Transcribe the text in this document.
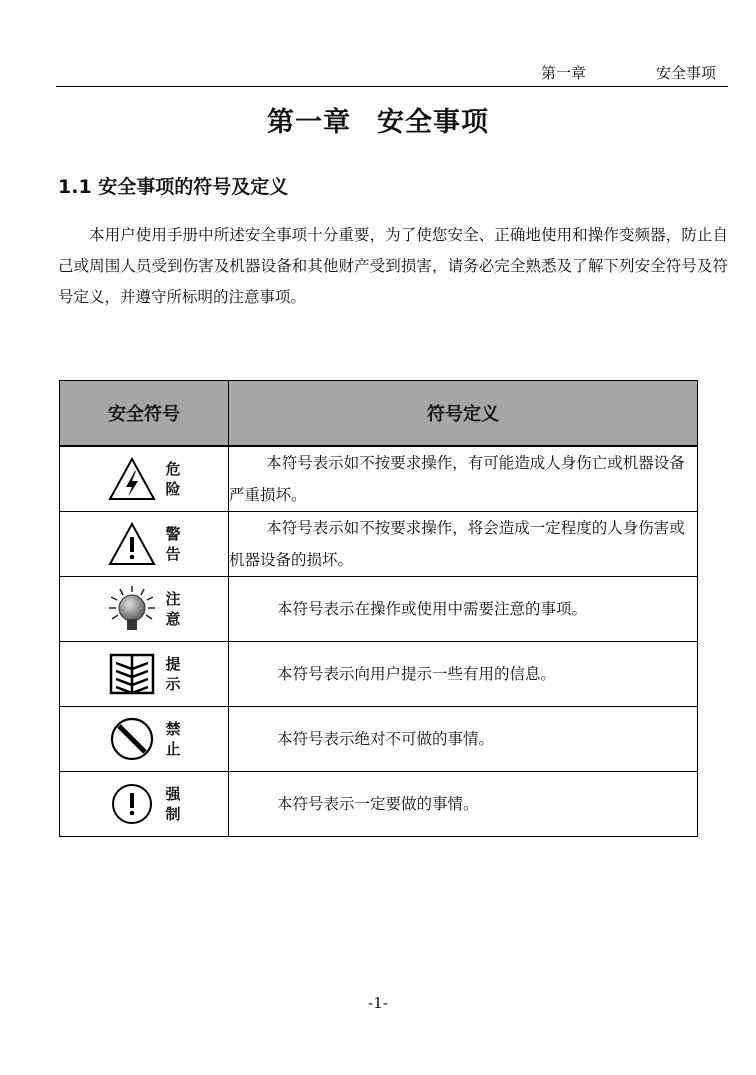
第一章	安全事项
第一章 安全事项
1.1 安全事项的符号及定义
本用户使用手册中所述安全事项十分重要，为了使您安全、正确地使用和操作变频器，防止自己或周围人员受到伤害及机器设备和其他财产受到损害，请务必完全熟悉及了解下列安全符号及符号定义，并遵守所标明的注意事项。
安全符号	符号定义

危
险	本符号表示如不按要求操作，有可能造成人身伤亡或机器设备严重损坏。

警
告	本符号表示如不按要求操作，将会造成一定程度的人身伤害或机器设备的损坏。

注
意	本符号表示在操作或使用中需要注意的事项。

提
示	本符号表示向用户提示一些有用的信息。

禁
止	本符号表示绝对不可做的事情。

强
制	本符号表示一定要做的事情。
-1-
